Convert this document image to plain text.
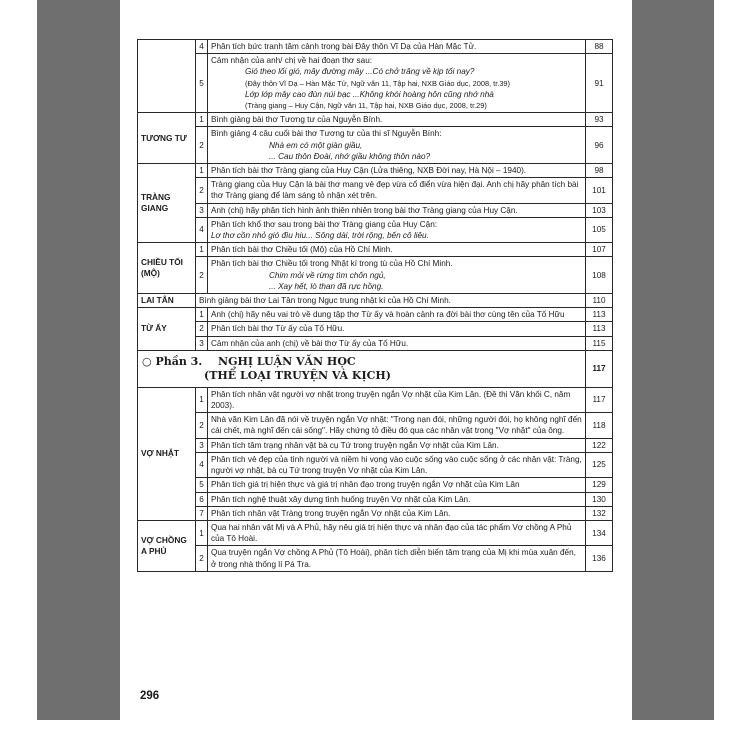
	4	Phân tích bức tranh tâm cảnh trong bài Đây thôn Vĩ Dạ của Hàn Mặc Tử.	88
	5	Cảm nhận của anh/ chị về hai đoạn thơ sau:
Gió theo lối gió, mây đường mây ...Có chở trăng về kịp tối nay?
(Đây thôn Vĩ Dạ – Hàn Mặc Tử, Ngữ văn 11, Tập hai, NXB Giáo dục, 2008, tr.39)
Lớp lớp mây cao đùn núi bạc ...Không khói hoàng hôn cũng nhớ nhà
(Tràng giang – Huy Cận, Ngữ văn 11, Tập hai, NXB Giáo dục, 2008, tr.29)	91
TƯƠNG TƯ	1	Bình giảng bài thơ Tương tư của Nguyễn Bính.	93
	2	Bình giảng 4 câu cuối bài thơ Tương tư của thi sĩ Nguyễn Bính:
Nhà em có một giàn giầu,
... Cau thôn Đoài, nhớ giầu không thôn nào?	96
TRÀNG GIANG	1	Phân tích bài thơ Tràng giang của Huy Cận (Lửa thiêng, NXB Đời nay, Hà Nội – 1940).	98
	2	Tràng giang của Huy Cận là bài thơ mang vẻ đẹp vừa cổ điển vừa hiện đại. Anh chị hãy phân tích bài thơ Tràng giang để làm sáng tỏ nhận xét trên.	101
	3	Anh (chị) hãy phân tích hình ảnh thiên nhiên trong bài thơ Tràng giang của Huy Cận.	103
	4	Phân tích khổ thơ sau trong bài thơ Tràng giang của Huy Cận:
Lơ thơ cồn nhỏ gió đìu hiu... Sông dài, trời rộng, bến cô liêu.	105
CHIỀU TỐI (MỘ)	1	Phân tích bài thơ Chiều tối (Mộ) của Hồ Chí Minh.	107
	2	Phân tích bài thơ Chiều tối trong Nhật kí trong tù của Hồ Chí Minh.
Chim mỏi về rừng tìm chốn ngủ,
... Xay hết, lò than đã rực hồng.	108
LAI TÂN	Bình giảng bài thơ Lai Tân trong Ngục trung nhật kí của Hồ Chí Minh.		110
TỪ ẤY	1	Anh (chị) hãy nêu vai trò về dung tập thơ Từ ấy và hoàn cảnh ra đời bài thơ cùng tên của Tố Hữu	113
	2	Phân tích bài thơ Từ ấy của Tố Hữu.	113
	3	Cảm nhận của anh (chị) về bài thơ Từ ấy của Tố Hữu.	115
○ Phần 3. NGHỊ LUẬN VĂN HỌC
(THỂ LOẠI TRUYỆN VÀ KỊCH)			117
VỢ NHẶT	1	Phân tích nhân vật người vợ nhặt trong truyện ngắn Vợ nhặt của Kim Lân. (Đề thi Văn khối C, năm 2003).	117
	2	Nhà văn Kim Lân đã nói về truyện ngắn Vợ nhặt: "Trong nạn đói, những người đói, họ không nghĩ đến cái chết, mà nghĩ đến cái sống". Hãy chứng tỏ điều đó qua các nhân vật trong "Vợ nhặt" của ông.	118
	3	Phân tích tâm trạng nhân vật bà cụ Tứ trong truyện ngắn Vợ nhặt của Kim Lân.	122
	4	Phân tích vẻ đẹp của tình người và niềm hi vọng vào cuộc sống vào cuộc sống ở các nhân vật: Tràng, người vợ nhặt, bà cụ Tứ trong truyện Vợ nhặt của Kim Lân.	125
	5	Phân tích giá trị hiện thực và giá trị nhân đạo trong truyện ngắn Vợ nhặt của Kim Lân	129
	6	Phân tích nghệ thuật xây dựng tình huống truyện Vợ nhặt của Kim Lân.	130
	7	Phân tích nhân vật Tràng trong truyện ngắn Vợ nhặt của Kim Lân.	132
VỢ CHỒNG A PHỦ	1	Qua hai nhân vật Mị và A Phủ, hãy nêu giá trị hiện thực và nhân đạo của tác phẩm Vợ chồng A Phủ của Tô Hoài.	134
	2	Qua truyện ngắn Vợ chồng A Phủ (Tô Hoài), phân tích diễn biến tâm trạng của Mị khi mùa xuân đến, ở trong nhà thống lí Pá Tra.	136
296
